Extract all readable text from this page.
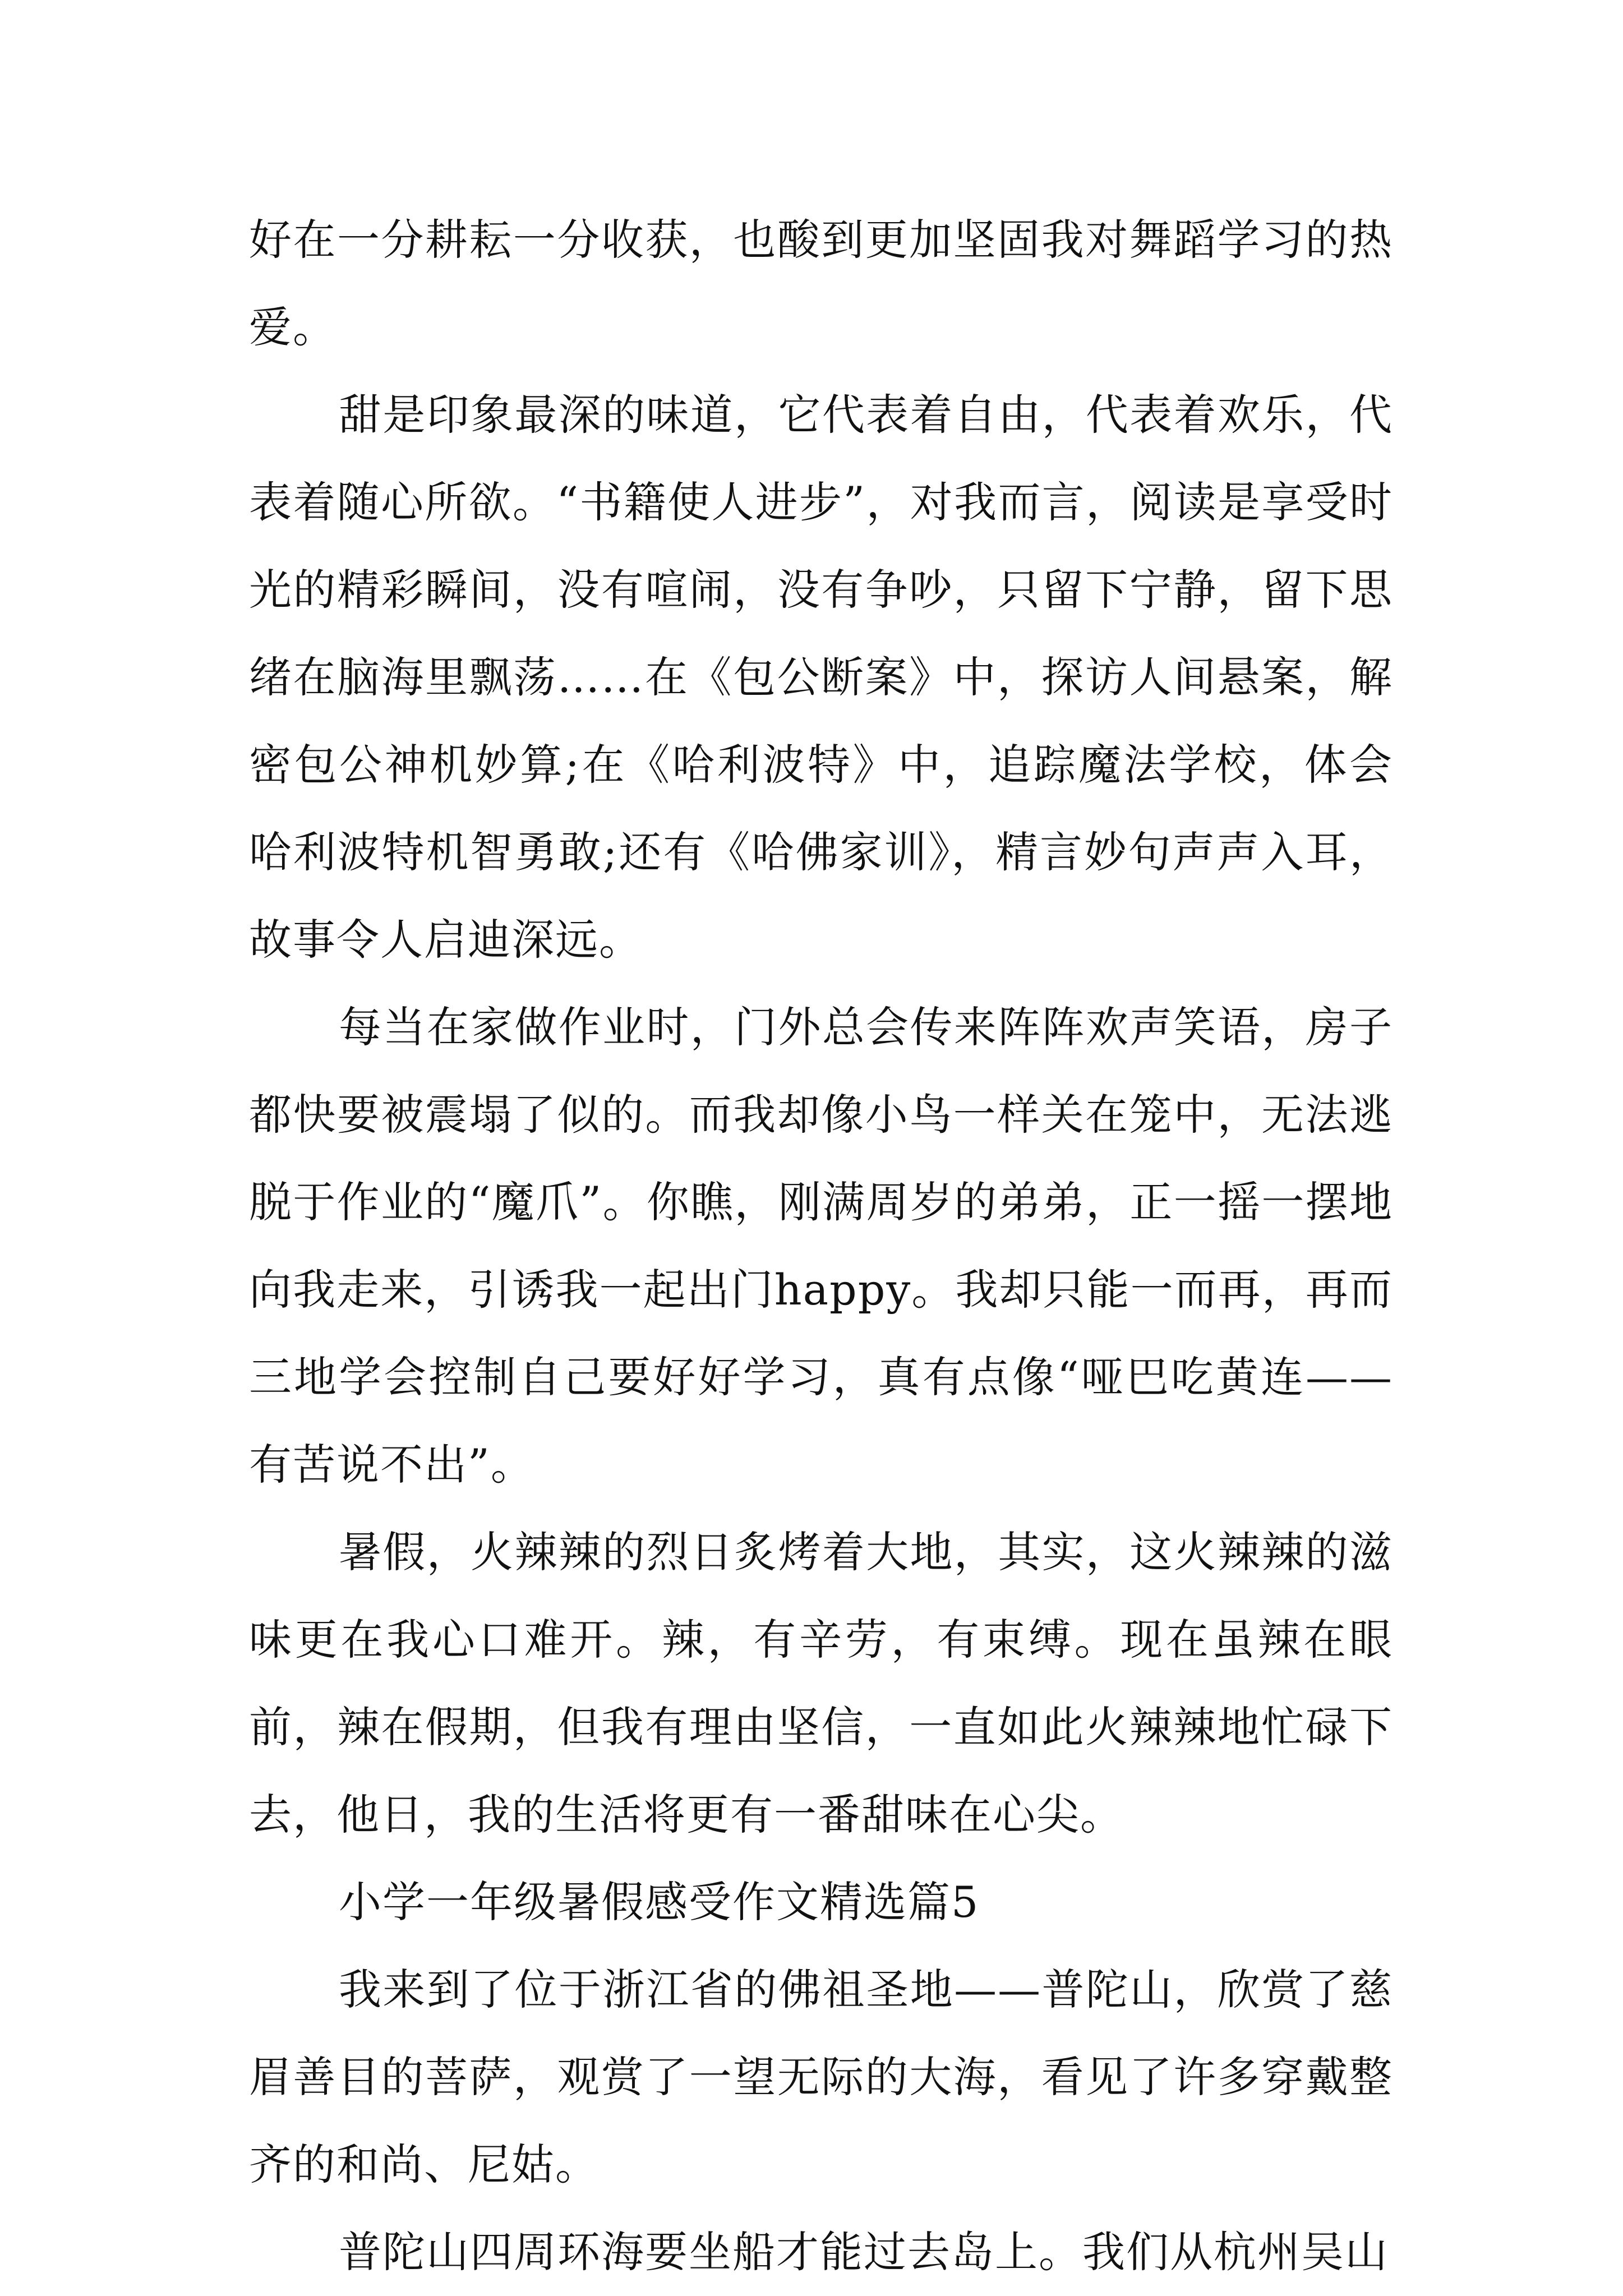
好在一分耕耘一分收获，也酸到更加坚固我对舞蹈学习的热爱。

甜是印象最深的味道，它代表着自由，代表着欢乐，代表着随心所欲。“书籍使人进步”，对我而言，阅读是享受时光的精彩瞬间，没有喧闹，没有争吵，只留下宁静，留下思绪在脑海里飘荡……在《包公断案》中，探访人间悬案，解密包公神机妙算;在《哈利波特》中，追踪魔法学校，体会哈利波特机智勇敢;还有《哈佛家训》，精言妙句声声入耳，故事令人启迪深远。

每当在家做作业时，门外总会传来阵阵欢声笑语，房子都快要被震塌了似的。而我却像小鸟一样关在笼中，无法逃脱于作业的“魔爪”。你瞧，刚满周岁的弟弟，正一摇一摆地向我走来，引诱我一起出门happy。我却只能一而再，再而三地学会控制自己要好好学习，真有点像“哑巴吃黄连——有苦说不出”。

暑假，火辣辣的烈日炙烤着大地，其实，这火辣辣的滋味更在我心口难开。辣，有辛劳，有束缚。现在虽辣在眼前，辣在假期，但我有理由坚信，一直如此火辣辣地忙碌下去，他日，我的生活将更有一番甜味在心尖。

小学一年级暑假感受作文精选篇5

我来到了位于浙江省的佛祖圣地——普陀山，欣赏了慈眉善目的菩萨，观赏了一望无际的大海，看见了许多穿戴整齐的和尚、尼姑。

普陀山四周环海要坐船才能过去岛上。我们从杭州吴山
